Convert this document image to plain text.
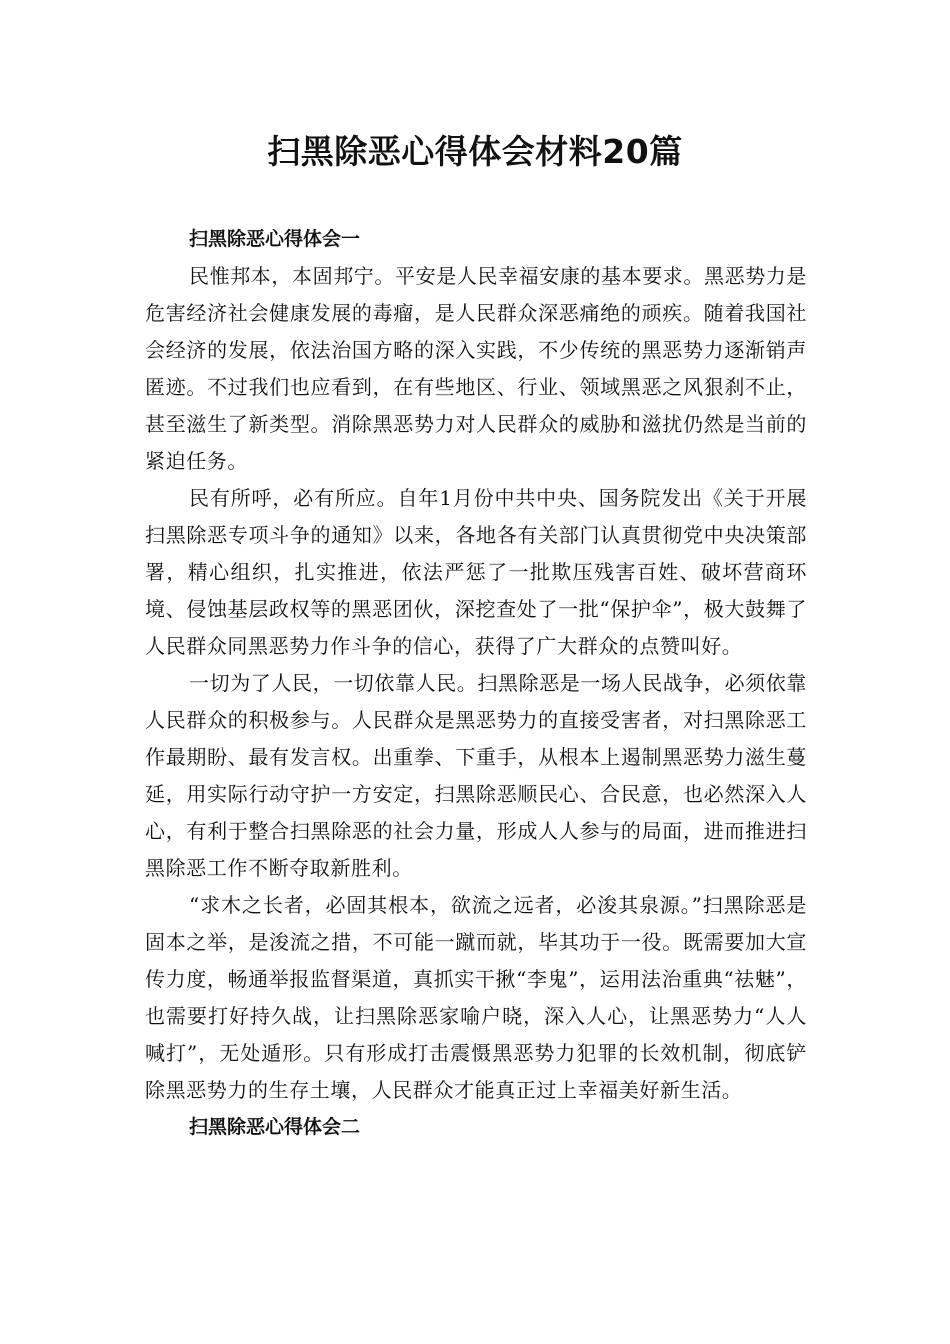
扫黑除恶心得体会材料20篇
扫黑除恶心得体会一

民惟邦本，本固邦宁。平安是人民幸福安康的基本要求。黑恶势力是危害经济社会健康发展的毒瘤，是人民群众深恶痛绝的顽疾。随着我国社会经济的发展，依法治国方略的深入实践，不少传统的黑恶势力逐渐销声匿迹。不过我们也应看到，在有些地区、行业、领域黑恶之风狠刹不止，甚至滋生了新类型。消除黑恶势力对人民群众的威胁和滋扰仍然是当前的紧迫任务。

民有所呼，必有所应。自年1月份中共中央、国务院发出《关于开展扫黑除恶专项斗争的通知》以来，各地各有关部门认真贯彻党中央决策部署，精心组织，扎实推进，依法严惩了一批欺压残害百姓、破坏营商环境、侵蚀基层政权等的黑恶团伙，深挖查处了一批“保护伞”，极大鼓舞了人民群众同黑恶势力作斗争的信心，获得了广大群众的点赞叫好。

一切为了人民，一切依靠人民。扫黑除恶是一场人民战争，必须依靠人民群众的积极参与。人民群众是黑恶势力的直接受害者，对扫黑除恶工作最期盼、最有发言权。出重拳、下重手，从根本上遏制黑恶势力滋生蔓延，用实际行动守护一方安定，扫黑除恶顺民心、合民意，也必然深入人心，有利于整合扫黑除恶的社会力量，形成人人参与的局面，进而推进扫黑除恶工作不断夺取新胜利。

“求木之长者，必固其根本，欲流之远者，必浚其泉源。”扫黑除恶是固本之举，是浚流之措，不可能一蹴而就，毕其功于一役。既需要加大宣传力度，畅通举报监督渠道，真抓实干揪“李鬼”，运用法治重典“祛魅”，也需要打好持久战，让扫黑除恶家喻户晓，深入人心，让黑恶势力“人人喊打”，无处遁形。只有形成打击震慑黑恶势力犯罪的长效机制，彻底铲除黑恶势力的生存土壤，人民群众才能真正过上幸福美好新生活。

扫黑除恶心得体会二
